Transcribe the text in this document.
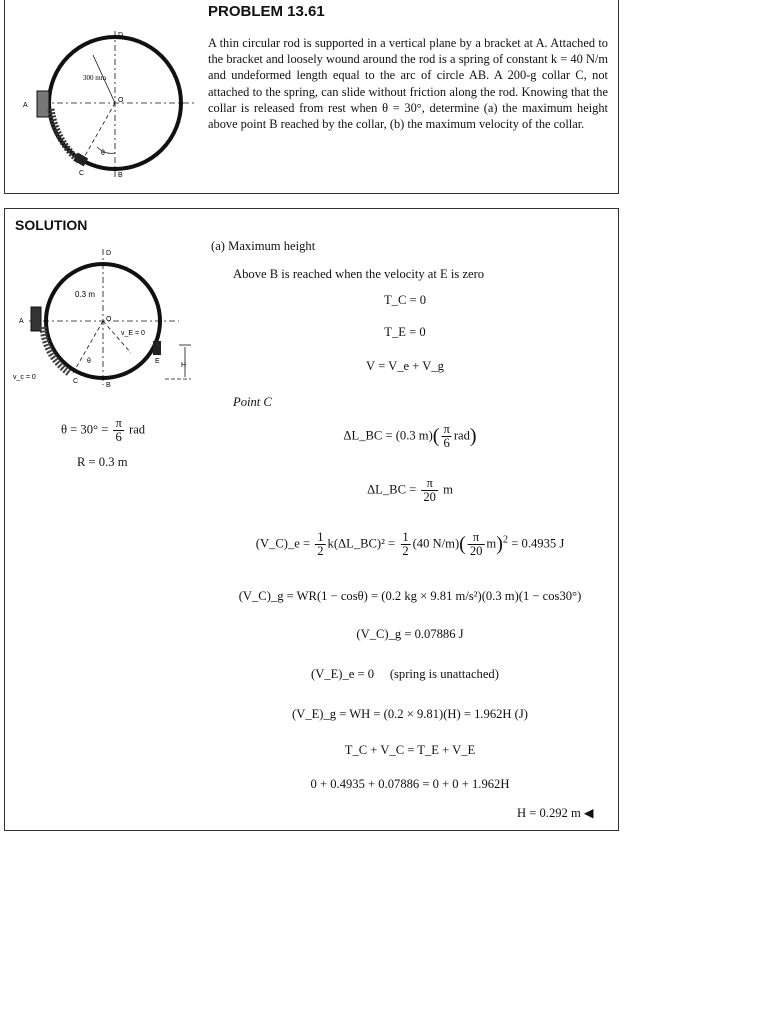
A
D
O
B
C
θ
300 mm
PROBLEM 13.61
A thin circular rod is supported in a vertical plane by a bracket at A. Attached to the bracket and loosely wound around the rod is a spring of constant k = 40 N/m and undeformed length equal to the arc of circle AB. A 200-g collar C, not attached to the spring, can slide without friction along the rod. Knowing that the collar is released from rest when θ = 30°, determine (a) the maximum height above point B reached by the collar, (b) the maximum velocity of the collar.
SOLUTION
A
D
O
B
C
E
H
θ
0.3 m
v_E = 0
v_c = 0
$\theta = 30^\circ = \frac{\pi}{6}$ rad
R = 0.3 m
(a) Maximum height
Above B is reached when the velocity at E is zero
T_C = 0
T_E = 0
V = V_e + V_g
Point C
ΔL_BC = (0.3 $m)( \frac{\pi}{6} rad)$
ΔL_BC = $\frac{\pi}{20}$ m
(V_C)_e = $\frac{1}{2}$ k(ΔL_BC)² = $\frac{1}{2} (40$ $N/m)( \frac{\pi}{20} m)^2 = 0.4935$ J
(V_C)_g = WR(1 − cosθ) = (0.2 kg × 9.81 m/s²)(0.3 m)(1 − cos30°)
(V_C)_g = 0.07886 J
(V_E)_e = 0 (spring is unattached)
(V_E)_g = WH = (0.2 × 9.81)(H) = 1.962H (J)
T_C + V_C = T_E + V_E
0 + 0.4935 + 0.07886 = 0 + 0 + 1.962H
H = 0.292 m ◀
